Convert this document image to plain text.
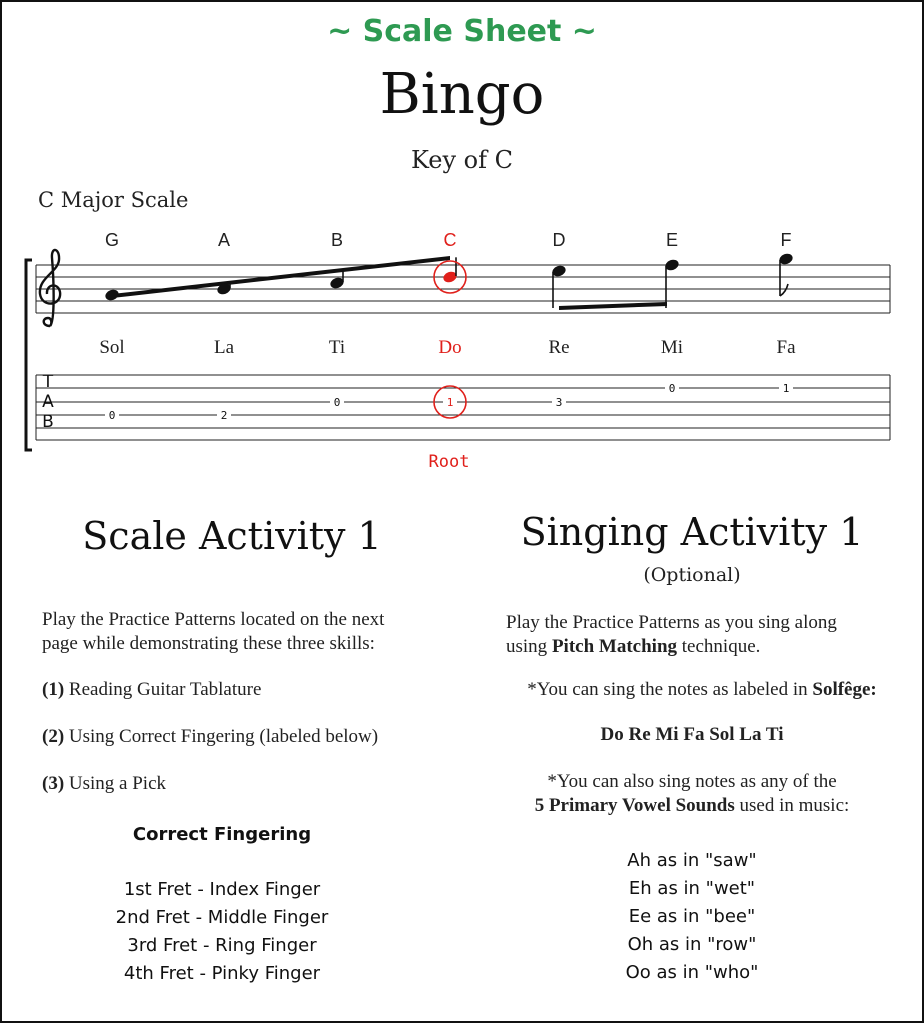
~ Scale Sheet ~
Bingo
Key of C
C Major Scale
T
A
B	0	2
0	1	3
0	1
Root
Scale Activity 1
Play the Practice Patterns located on the next
page while demonstrating these three skills:
(1) Reading Guitar Tablature
(2) Using Correct Fingering (labeled below)
(3) Using a Pick
Correct Fingering
1st Fret - Index Finger
2nd Fret - Middle Finger
3rd Fret - Ring Finger
4th Fret - Pinky Finger
Singing Activity 1
(Optional)
Play the Practice Patterns as you sing along
using Pitch Matching technique.
*You can sing the notes as labeled in Solfêge:
Do Re Mi Fa Sol La Ti
*You can also sing notes as any of the
5 Primary Vowel Sounds used in music:
Ah as in "saw"
Eh as in "wet"
Ee as in "bee"
Oh as in "row"
Oo as in "who"
G
Sol
A
La
B
Ti
C
Do
D
Re
E
Mi
F
Fa
